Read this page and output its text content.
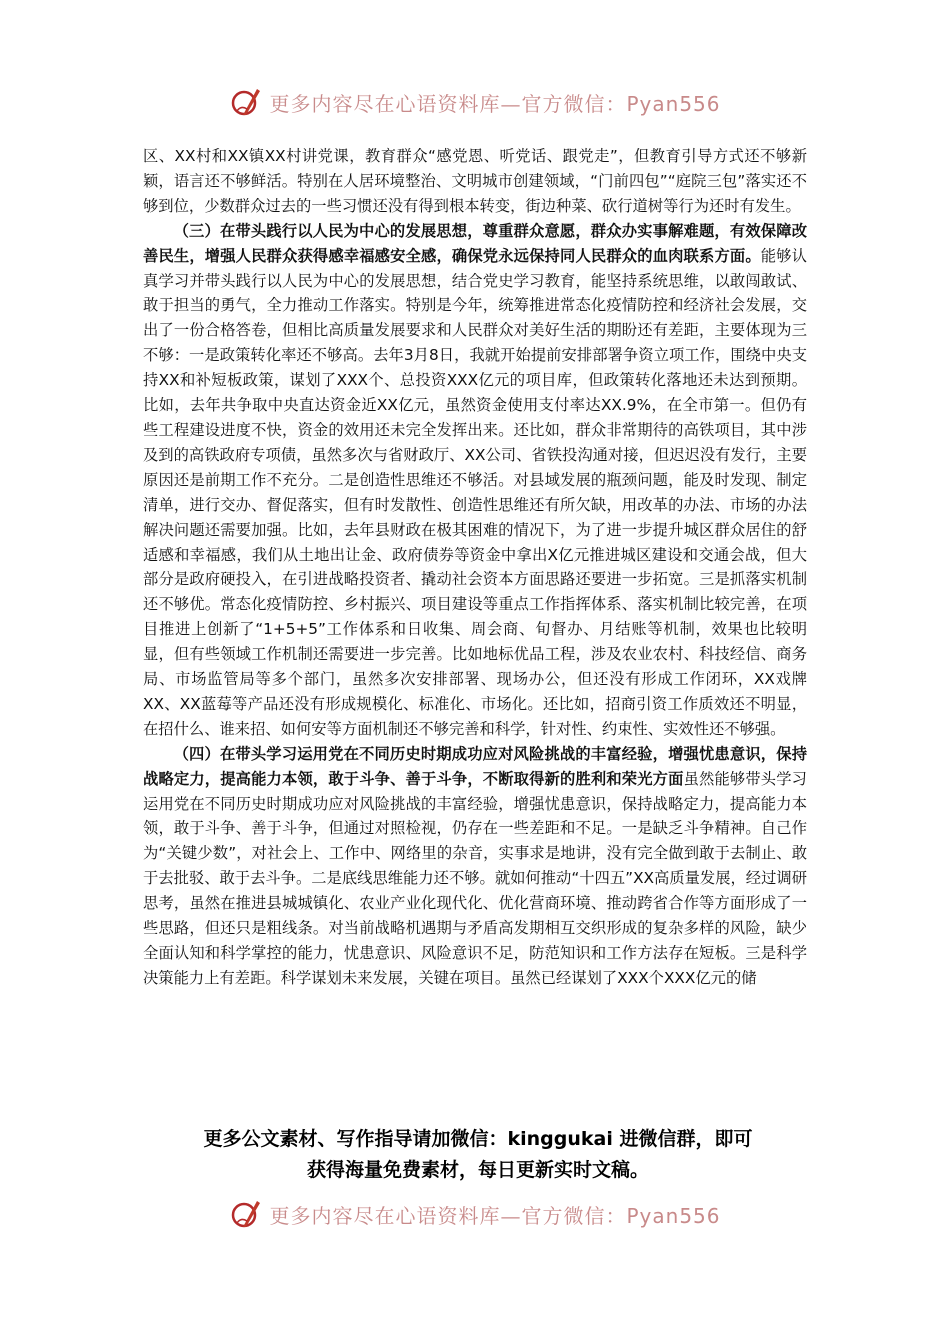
更多内容尽在心语资料库—官方微信：Pyan556

区、XX村和XX镇XX村讲党课，教育群众“感党恩、听党话、跟党走”，但教育引导方式还不够新颖，语言还不够鲜活。特别在人居环境整治、文明城市创建领域，“门前四包”“庭院三包”落实还不够到位，少数群众过去的一些习惯还没有得到根本转变，街边种菜、砍行道树等行为还时有发生。

（三）在带头践行以人民为中心的发展思想，尊重群众意愿，群众办实事解难题，有效保障改善民生，增强人民群众获得感幸福感安全感，确保党永远保持同人民群众的血肉联系方面。能够认真学习并带头践行以人民为中心的发展思想，结合党史学习教育，能坚持系统思维，以敢闯敢试、敢于担当的勇气，全力推动工作落实。特别是今年，统筹推进常态化疫情防控和经济社会发展，交出了一份合格答卷，但相比高质量发展要求和人民群众对美好生活的期盼还有差距，主要体现为三不够：一是政策转化率还不够高。去年3月8日，我就开始提前安排部署争资立项工作，围绕中央支持XX和补短板政策，谋划了XXX个、总投资XXX亿元的项目库，但政策转化落地还未达到预期。比如，去年共争取中央直达资金近XX亿元，虽然资金使用支付率达XX.9%，在全市第一。但仍有些工程建设进度不快，资金的效用还未完全发挥出来。还比如，群众非常期待的高铁项目，其中涉及到的高铁政府专项债，虽然多次与省财政厅、XX公司、省铁投沟通对接，但迟迟没有发行，主要原因还是前期工作不充分。二是创造性思维还不够活。对县域发展的瓶颈问题，能及时发现、制定清单，进行交办、督促落实，但有时发散性、创造性思维还有所欠缺，用改革的办法、市场的办法解决问题还需要加强。比如，去年县财政在极其困难的情况下，为了进一步提升城区群众居住的舒适感和幸福感，我们从土地出让金、政府债券等资金中拿出X亿元推进城区建设和交通会战，但大部分是政府硬投入，在引进战略投资者、撬动社会资本方面思路还要进一步拓宽。三是抓落实机制还不够优。常态化疫情防控、乡村振兴、项目建设等重点工作指挥体系、落实机制比较完善，在项目推进上创新了“1+5+5”工作体系和日收集、周会商、旬督办、月结账等机制，效果也比较明显，但有些领域工作机制还需要进一步完善。比如地标优品工程，涉及农业农村、科技经信、商务局、市场监管局等多个部门，虽然多次安排部署、现场办公，但还没有形成工作闭环，XX戏牌XX、XX蓝莓等产品还没有形成规模化、标准化、市场化。还比如，招商引资工作质效还不明显，在招什么、谁来招、如何安等方面机制还不够完善和科学，针对性、约束性、实效性还不够强。

（四）在带头学习运用党在不同历史时期成功应对风险挑战的丰富经验，增强忧患意识，保持战略定力，提高能力本领，敢于斗争、善于斗争，不断取得新的胜利和荣光方面虽然能够带头学习运用党在不同历史时期成功应对风险挑战的丰富经验，增强忧患意识，保持战略定力，提高能力本领，敢于斗争、善于斗争，但通过对照检视，仍存在一些差距和不足。一是缺乏斗争精神。自己作为“关键少数”，对社会上、工作中、网络里的杂音，实事求是地讲，没有完全做到敢于去制止、敢于去批驳、敢于去斗争。二是底线思维能力还不够。就如何推动“十四五”XX高质量发展，经过调研思考，虽然在推进县城城镇化、农业产业化现代化、优化营商环境、推动跨省合作等方面形成了一些思路，但还只是粗线条。对当前战略机遇期与矛盾高发期相互交织形成的复杂多样的风险，缺少全面认知和科学掌控的能力，忧患意识、风险意识不足，防范知识和工作方法存在短板。三是科学决策能力上有差距。科学谋划未来发展，关键在项目。虽然已经谋划了XXX个XXX亿元的储

更多公文素材、写作指导请加微信：kinggukai 进微信群，即可
获得海量免费素材，每日更新实时文稿。
更多内容尽在心语资料库—官方微信：Pyan556
